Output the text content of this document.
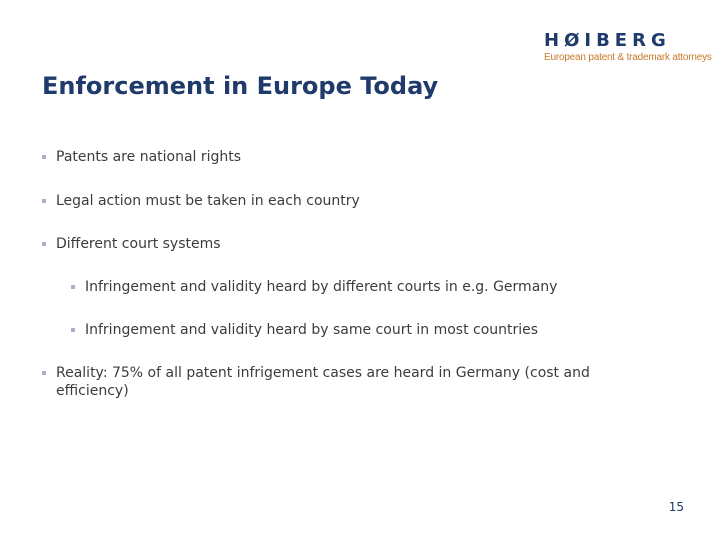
HØIBERG
European patent & trademark attorneys
Enforcement in Europe Today
Patents are national rights
Legal action must be taken in each country
Different court systems
Infringement and validity heard by different courts in e.g. Germany
Infringement and validity heard by same court in most countries
Reality: 75% of all patent infrigement cases are heard in Germany (cost and efficiency)
15
